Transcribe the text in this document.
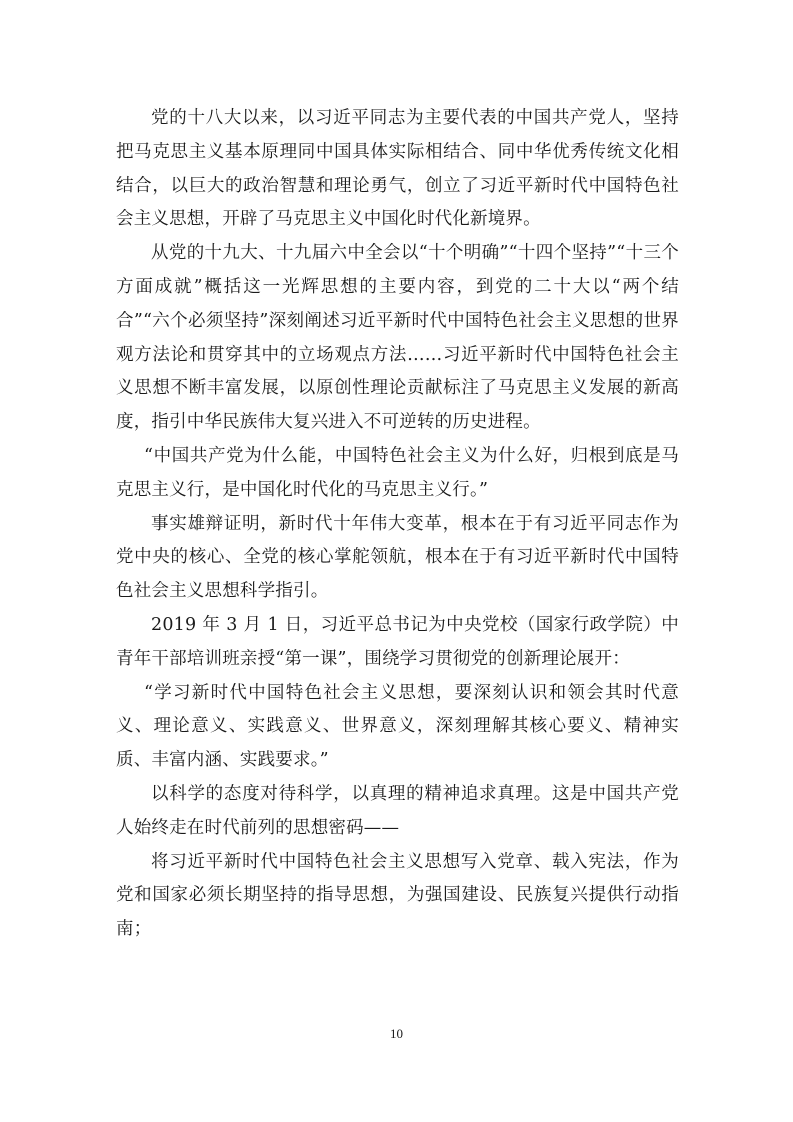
党的十八大以来，以习近平同志为主要代表的中国共产党人，坚持把马克思主义基本原理同中国具体实际相结合、同中华优秀传统文化相结合，以巨大的政治智慧和理论勇气，创立了习近平新时代中国特色社会主义思想，开辟了马克思主义中国化时代化新境界。

从党的十九大、十九届六中全会以“十个明确”“十四个坚持”“十三个方面成就”概括这一光辉思想的主要内容，到党的二十大以“两个结合”“六个必须坚持”深刻阐述习近平新时代中国特色社会主义思想的世界观方法论和贯穿其中的立场观点方法……习近平新时代中国特色社会主义思想不断丰富发展，以原创性理论贡献标注了马克思主义发展的新高度，指引中华民族伟大复兴进入不可逆转的历史进程。

“中国共产党为什么能，中国特色社会主义为什么好，归根到底是马克思主义行，是中国化时代化的马克思主义行。”

事实雄辩证明，新时代十年伟大变革，根本在于有习近平同志作为党中央的核心、全党的核心掌舵领航，根本在于有习近平新时代中国特色社会主义思想科学指引。

2019 年 3 月 1 日，习近平总书记为中央党校（国家行政学院）中青年干部培训班亲授“第一课”，围绕学习贯彻党的创新理论展开：

“学习新时代中国特色社会主义思想，要深刻认识和领会其时代意义、理论意义、实践意义、世界意义，深刻理解其核心要义、精神实质、丰富内涵、实践要求。”

以科学的态度对待科学，以真理的精神追求真理。这是中国共产党人始终走在时代前列的思想密码——

将习近平新时代中国特色社会主义思想写入党章、载入宪法，作为党和国家必须长期坚持的指导思想，为强国建设、民族复兴提供行动指南；

10
